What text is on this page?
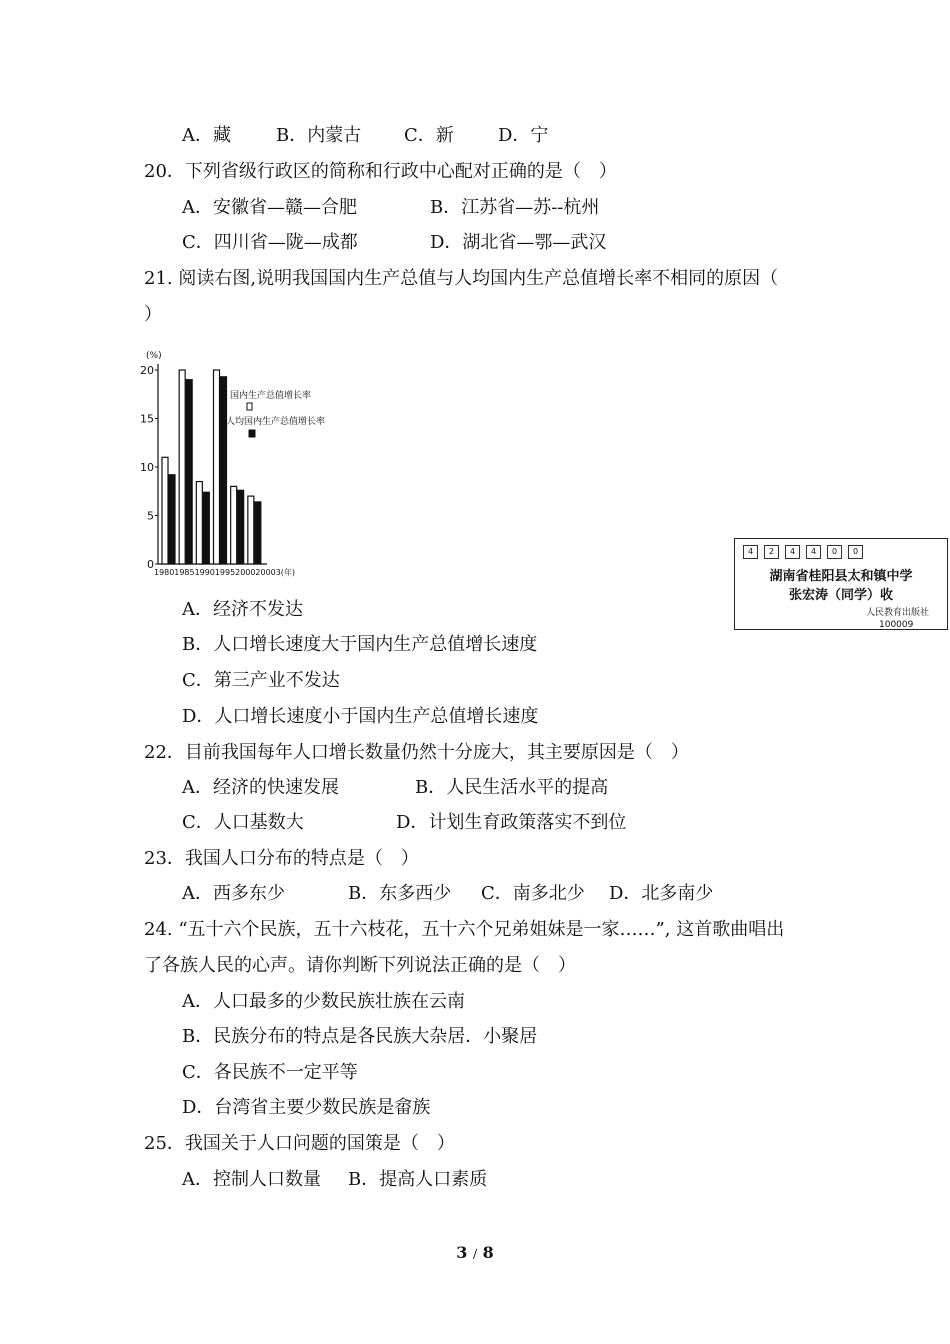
A．藏	B．内蒙古 C．新 D．宁
20．下列省级行政区的简称和行政中心配对正确的是（　）
A．安徽省—赣—合肥	B．江苏省—苏--杭州
C．四川省—陇—成都	D．湖北省—鄂—武汉
21. 阅读右图,说明我国国内生产总值与人均国内生产总值增长率不相同的原因（
）
(%)
0
5
10
15
20
1980198519901995200020003(年)
国内生产总值增长率
人均国内生产总值增长率
4	2	4	4	0	0
湖南省桂阳县太和镇中学
张宏涛（同学）收
人民教育出版社
100009
A．经济不发达
B．人口增长速度大于国内生产总值增长速度
C．第三产业不发达
D．人口增长速度小于国内生产总值增长速度
22．目前我国每年人口增长数量仍然十分庞大，其主要原因是（　）
A．经济的快速发展	B．人民生活水平的提高
C．人口基数大	D．计划生育政策落实不到位
23．我国人口分布的特点是（　）
A．西多东少	B．东多西少 C．南多北少 D．北多南少
24. “五十六个民族，五十六枝花，五十六个兄弟姐妹是一家……”, 这首歌曲唱出
了各族人民的心声。请你判断下列说法正确的是（　）
A．人口最多的少数民族壮族在云南
B．民族分布的特点是各民族大杂居．小聚居
C．各民族不一定平等
D．台湾省主要少数民族是畲族
25．我国关于人口问题的国策是（　）
A．控制人口数量 B．提高人口素质
3 / 8
